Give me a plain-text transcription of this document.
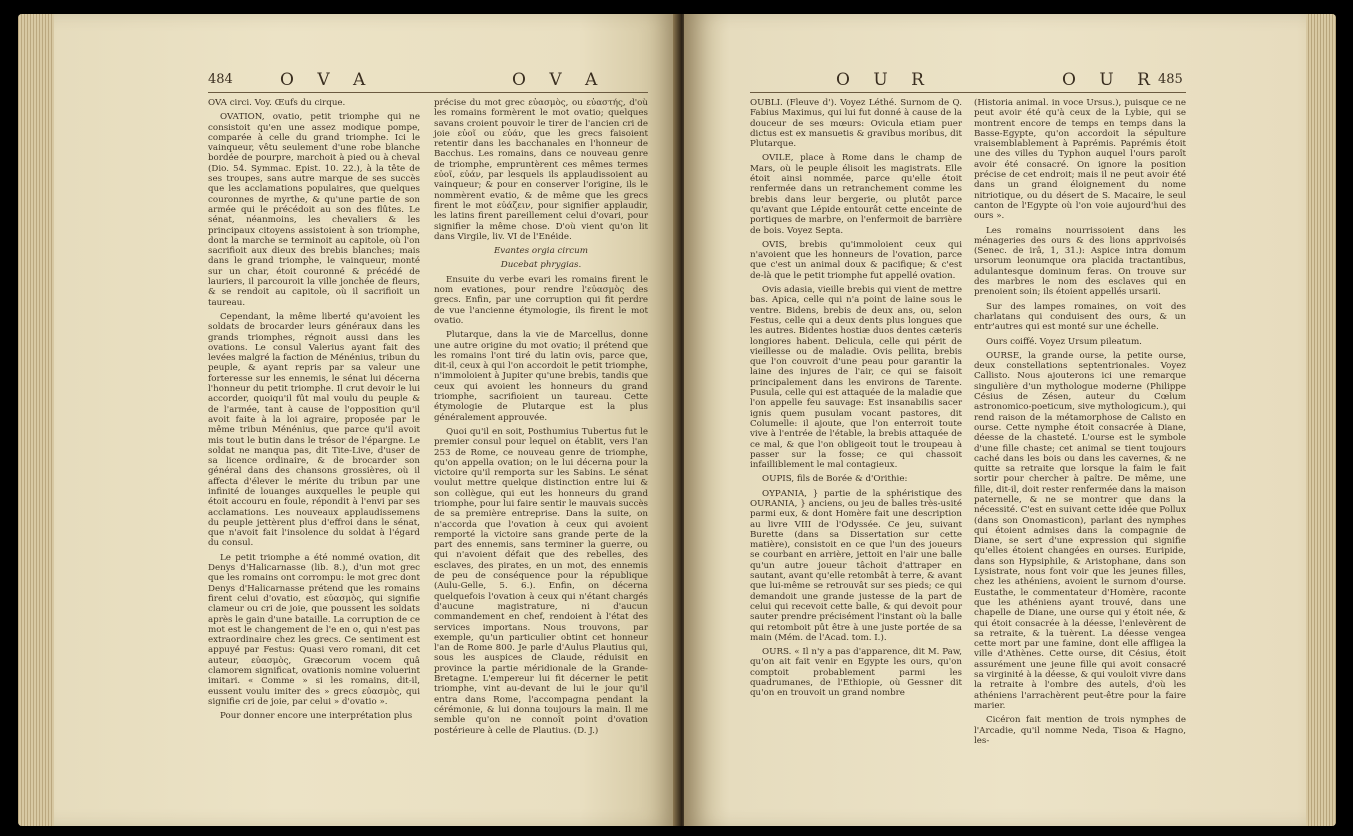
484	O V A	O V A

OVA circi. Voy. Œufs du cirque.

OVATION, ovatio, petit triomphe qui ne consistoit qu'en une assez modique pompe, comparée à celle du grand triomphe. Ici le vainqueur, vêtu seulement d'une robe blanche bordée de pourpre, marchoit à pied ou à cheval (Dio. 54. Symmac. Epist. 10. 22.), à la tête de ses troupes, sans autre marque de ses succès que les acclamations populaires, que quelques couronnes de myrthe, & qu'une partie de son armée qui le précédoit au son des flûtes. Le sénat, néanmoins, les chevaliers & les principaux citoyens assistoient à son triomphe, dont la marche se terminoit au capitole, où l'on sacrifioit aux dieux des brebis blanches; mais dans le grand triomphe, le vainqueur, monté sur un char, étoit couronné & précédé de lauriers, il parcouroit la ville jonchée de fleurs, & se rendoit au capitole, où il sacrifioit un taureau.

Cependant, la même liberté qu'avoient les soldats de brocarder leurs généraux dans les grands triomphes, régnoit aussi dans les ovations. Le consul Valerius ayant fait des levées malgré la faction de Ménénius, tribun du peuple, & ayant repris par sa valeur une forteresse sur les ennemis, le sénat lui décerna l'honneur du petit triomphe. Il crut devoir le lui accorder, quoiqu'il fût mal voulu du peuple & de l'armée, tant à cause de l'opposition qu'il avoit faite à la loi agraire, proposée par le même tribun Ménénius, que parce qu'il avoit mis tout le butin dans le trésor de l'épargne. Le soldat ne manqua pas, dit Tite-Live, d'user de sa licence ordinaire, & de brocarder son général dans des chansons grossières, où il affecta d'élever le mérite du tribun par une infinité de louanges auxquelles le peuple qui étoit accouru en foule, répondit à l'envi par ses acclamations. Les nouveaux applaudissemens du peuple jettèrent plus d'effroi dans le sénat, que n'avoit fait l'insolence du soldat à l'égard du consul.

Le petit triomphe a été nommé ovation, dit Denys d'Halicarnasse (lib. 8.), d'un mot grec que les romains ont corrompu: le mot grec dont Denys d'Halicarnasse prétend que les romains firent celui d'ovatio, est εὐασμὸς, qui signifie clameur ou cri de joie, que poussent les soldats après le gain d'une bataille. La corruption de ce mot est le changement de l'e en o, qui n'est pas extraordinaire chez les grecs. Ce sentiment est appuyé par Festus: Quasi vero romani, dit cet auteur, εὐασμὸς, Græcorum vocem quâ clamorem significat, ovationis nomine voluerint imitari. « Comme » si les romains, dit-il, eussent voulu imiter des » grecs εὐασμὸς, qui signifie cri de joie, par celui » d'ovatio ».

Pour donner encore une interprétation plus

précise du mot grec εὐασμὸς, ou εὐαστής, d'où les romains formèrent le mot ovatio; quelques savans croient pouvoir le tirer de l'ancien cri de joie εὐοῖ ou εὐάν, que les grecs faisoient retentir dans les bacchanales en l'honneur de Bacchus. Les romains, dans ce nouveau genre de triomphe, empruntèrent ces mêmes termes εὐοῖ, εὐάν, par lesquels ils applaudissoient au vainqueur; & pour en conserver l'origine, ils le nommèrent evatio, & de même que les grecs firent le mot εὐάζειν, pour signifier applaudir, les latins firent pareillement celui d'ovari, pour signifier la même chose. D'où vient qu'on lit dans Virgile, liv. VI de l'Enéide.

Evantes orgia circum

Ducebat phrygias.

Ensuite du verbe evari les romains firent le nom evationes, pour rendre l'εὐασμὸς des grecs. Enfin, par une corruption qui fit perdre de vue l'ancienne étymologie, ils firent le mot ovatio.

Plutarque, dans la vie de Marcellus, donne une autre origine du mot ovatio; il prétend que les romains l'ont tiré du latin ovis, parce que, dit-il, ceux à qui l'on accordoit le petit triomphe, n'immoloient à Jupiter qu'une brebis, tandis que ceux qui avoient les honneurs du grand triomphe, sacrifioient un taureau. Cette étymologie de Plutarque est la plus généralement approuvée.

Quoi qu'il en soit, Posthumius Tubertus fut le premier consul pour lequel on établit, vers l'an 253 de Rome, ce nouveau genre de triomphe, qu'on appella ovation; on le lui décerna pour la victoire qu'il remporta sur les Sabins. Le sénat voulut mettre quelque distinction entre lui & son collègue, qui eut les honneurs du grand triomphe, pour lui faire sentir le mauvais succès de sa première entreprise. Dans la suite, on n'accorda que l'ovation à ceux qui avoient remporté la victoire sans grande perte de la part des ennemis, sans terminer la guerre, ou qui n'avoient défait que des rebelles, des esclaves, des pirates, en un mot, des ennemis de peu de conséquence pour la république (Aulu-Gelle, 5. 6.). Enfin, on décerna quelquefois l'ovation à ceux qui n'étant chargés d'aucune magistrature, ni d'aucun commandement en chef, rendoient à l'état des services importans. Nous trouvons, par exemple, qu'un particulier obtint cet honneur l'an de Rome 800. Je parle d'Aulus Plautius qui, sous les auspices de Claude, réduisit en province la partie méridionale de la Grande-Bretagne. L'empereur lui fit décerner le petit triomphe, vint au-devant de lui le jour qu'il entra dans Rome, l'accompagna pendant la cérémonie, & lui donna toujours la main. Il me semble qu'on ne connoît point d'ovation postérieure à celle de Plautius. (D. J.)

O U R	O U R 485

OUBLI. (Fleuve d'). Voyez Léthé. Surnom de Q. Fabius Maximus, qui lui fut donné à cause de la douceur de ses mœurs: Ovicula etiam puer dictus est ex mansuetis & gravibus moribus, dit Plutarque.

OVILE, place à Rome dans le champ de Mars, où le peuple élisoit les magistrats. Elle étoit ainsi nommée, parce qu'elle étoit renfermée dans un retranchement comme les brebis dans leur bergerie, ou plutôt parce qu'avant que Lépide entourât cette enceinte de portiques de marbre, on l'enfermoit de barrière de bois. Voyez Septa.

OVIS, brebis qu'immoloient ceux qui n'avoient que les honneurs de l'ovation, parce que c'est un animal doux & pacifique; & c'est de-là que le petit triomphe fut appellé ovation.

Ovis adasia, vieille brebis qui vient de mettre bas. Apica, celle qui n'a point de laine sous le ventre. Bidens, brebis de deux ans, ou, selon Festus, celle qui a deux dents plus longues que les autres. Bidentes hostiæ duos dentes cæteris longiores habent. Delicula, celle qui périt de vieillesse ou de maladie. Ovis pellita, brebis que l'on couvroit d'une peau pour garantir la laine des injures de l'air, ce qui se faisoit principalement dans les environs de Tarente. Pusula, celle qui est attaquée de la maladie que l'on appelle feu sauvage: Est insanabilis sacer ignis quem pusulam vocant pastores, dit Columelle: il ajoute, que l'on enterroit toute vive à l'entrée de l'étable, la brebis attaquée de ce mal, & que l'on obligeoit tout le troupeau à passer sur la fosse; ce qui chassoit infailliblement le mal contagieux.

OUPIS, fils de Borée & d'Orithie:

ΟΥΡΑΝΙΑ, } partie de la sphéristique des OURANIA, } anciens, ou jeu de balles très-usité parmi eux, & dont Homère fait une description au livre VIII de l'Odyssée. Ce jeu, suivant Burette (dans sa Dissertation sur cette matière), consistoit en ce que l'un des joueurs se courbant en arrière, jettoit en l'air une balle qu'un autre joueur tâchoit d'attraper en sautant, avant qu'elle retombât à terre, & avant que lui-même se retrouvât sur ses pieds; ce qui demandoit une grande justesse de la part de celui qui recevoit cette balle, & qui devoit pour sauter prendre précisément l'instant où la balle qui retomboit pût être à une juste portée de sa main (Mém. de l'Acad. tom. I.).

OURS. « Il n'y a pas d'apparence, dit M. Paw, qu'on ait fait venir en Egypte les ours, qu'on comptoit probablement parmi les quadrumanes, de l'Ethiopie, où Gessner dit qu'on en trouvoit un grand nombre

(Historia animal. in voce Ursus.), puisque ce ne peut avoir été qu'à ceux de la Lybie, qui se montrent encore de temps en temps dans la Basse-Egypte, qu'on accordoit la sépulture vraisemblablement à Paprémis. Paprémis étoit une des villes du Typhon auquel l'ours paroît avoir été consacré. On ignore la position précise de cet endroit; mais il ne peut avoir été dans un grand éloignement du nome nitriotique, ou du désert de S. Macaire, le seul canton de l'Egypte où l'on voie aujourd'hui des ours ».

Les romains nourrissoient dans les ménageries des ours & des lions apprivoisés (Senec. de irâ, 1, 31.): Aspice intra domum ursorum leonumque ora placida tractantibus, adulantesque dominum feras. On trouve sur des marbres le nom des esclaves qui en prenoient soin; ils étoient appellés ursarii.

Sur des lampes romaines, on voit des charlatans qui conduisent des ours, & un entr'autres qui est monté sur une échelle.

Ours coiffé. Voyez Ursum pileatum.

OURSE, la grande ourse, la petite ourse, deux constellations septentrionales. Voyez Callisto. Nous ajouterons ici une remarque singulière d'un mythologue moderne (Philippe Césius de Zésen, auteur du Cœlum astronomico-poeticum, sive mythologicum.), qui rend raison de la métamorphose de Calisto en ourse. Cette nymphe étoit consacrée à Diane, déesse de la chasteté. L'ourse est le symbole d'une fille chaste; cet animal se tient toujours caché dans les bois ou dans les cavernes, & ne quitte sa retraite que lorsque la faim le fait sortir pour chercher à paître. De même, une fille, dit-il, doit rester renfermée dans la maison paternelle, & ne se montrer que dans la nécessité. C'est en suivant cette idée que Pollux (dans son Onomasticon), parlant des nymphes qui étoient admises dans la compagnie de Diane, se sert d'une expression qui signifie qu'elles étoient changées en ourses. Euripide, dans son Hypsiphile, & Aristophane, dans son Lysistrate, nous font voir que les jeunes filles, chez les athéniens, avoient le surnom d'ourse. Eustathe, le commentateur d'Homère, raconte que les athéniens ayant trouvé, dans une chapelle de Diane, une ourse qui y étoit née, & qui étoit consacrée à la déesse, l'enlevèrent de sa retraite, & la tuèrent. La déesse vengea cette mort par une famine, dont elle affligea la ville d'Athènes. Cette ourse, dit Césius, étoit assurément une jeune fille qui avoit consacré sa virginité à la déesse, & qui vouloit vivre dans la retraite à l'ombre des autels, d'où les athéniens l'arrachèrent peut-être pour la faire marier.

Cicéron fait mention de trois nymphes de l'Arcadie, qu'il nomme Neda, Tisoa & Hagno, les-
